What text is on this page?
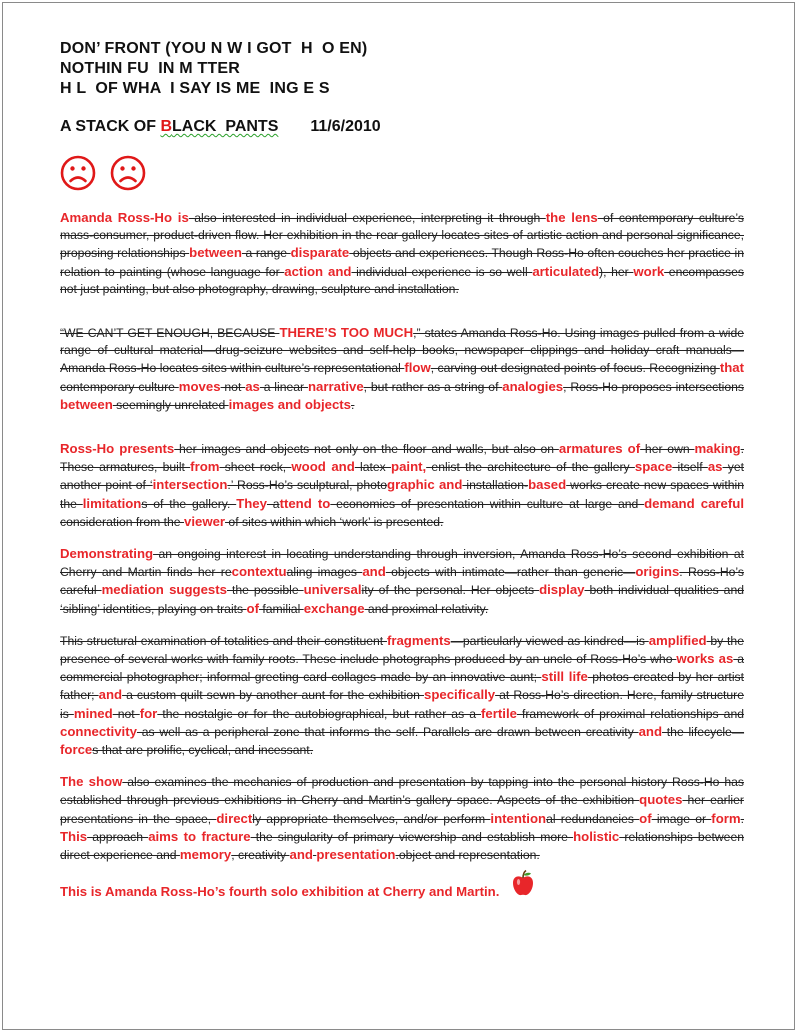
DON’ FRONT (YOU N W I GOT  H  O EN)
NOTHIN FU  IN M TTER
H L  OF WHA  I SAY IS ME  ING E S
A STACK OF BLACK  PANTS 11/6/2010
Amanda Ross-Ho is also interested in individual experience, interpreting it through the lens of contemporary culture’s mass-consumer, product-driven flow. Her exhibition in the rear gallery locates sites of artistic action and personal significance, proposing relationships between a range disparate objects and experiences. Though Ross-Ho often couches her practice in relation to painting (whose language for action and individual experience is so well articulated), her work encompasses not just painting, but also photography, drawing, sculpture and installation.
“WE CAN’T GET ENOUGH, BECAUSE THERE’S TOO MUCH,” states Amanda Ross-Ho. Using images pulled from a wide range of cultural material—drug-seizure websites and self-help books, newspaper clippings and holiday craft manuals—Amanda Ross-Ho locates sites within culture’s representational flow, carving out designated points of focus. Recognizing that contemporary culture moves not as a linear narrative, but rather as a string of analogies, Ross-Ho proposes intersections between seemingly unrelated images and objects.
Ross-Ho presents her images and objects not only on the floor and walls, but also on armatures of her own making. These armatures, built from sheet rock, wood and latex paint, enlist the architecture of the gallery space itself as yet another point of ‘intersection.’ Ross-Ho’s sculptural, photographic and installation-based works create new spaces within the limitations of the gallery. They attend to economies of presentation within culture at large and demand careful consideration from the viewer of sites within which ‘work’ is presented.
Demonstrating an ongoing interest in locating understanding through inversion, Amanda Ross-Ho’s second exhibition at Cherry and Martin finds her recontextualing images and objects with intimate—rather than generic—origins. Ross-Ho’s careful mediation suggests the possible universality of the personal. Her objects display both individual qualities and ‘sibling’ identities, playing on traits of familial exchange and proximal relativity.
This structural examination of totalities and their constituent fragments—particularly viewed as kindred—is amplified by the presence of several works with family roots. These include photographs produced by an uncle of Ross-Ho’s who works as a commercial photographer; informal greeting card collages made by an innovative aunt; still life photos created by her artist father; and a custom quilt sewn by another aunt for the exhibition specifically at Ross-Ho’s direction. Here, family structure is mined not for the nostalgic or for the autobiographical, but rather as a fertile framework of proximal relationships and connectivity as well as a peripheral zone that informs the self. Parallels are drawn between creativity and the lifecycle—forces that are prolific, cyclical, and incessant.
The show also examines the mechanics of production and presentation by tapping into the personal history Ross-Ho has established through previous exhibitions in Cherry and Martin’s gallery space. Aspects of the exhibition quotes her earlier presentations in the space, directly appropriate themselves, and/or perform intentional redundancies of image or form. This approach aims to fracture the singularity of primary viewership and establish more holistic relationships between direct experience and memory, creativity and presentation.object and representation.
This is Amanda Ross-Ho’s fourth solo exhibition at Cherry and Martin.
